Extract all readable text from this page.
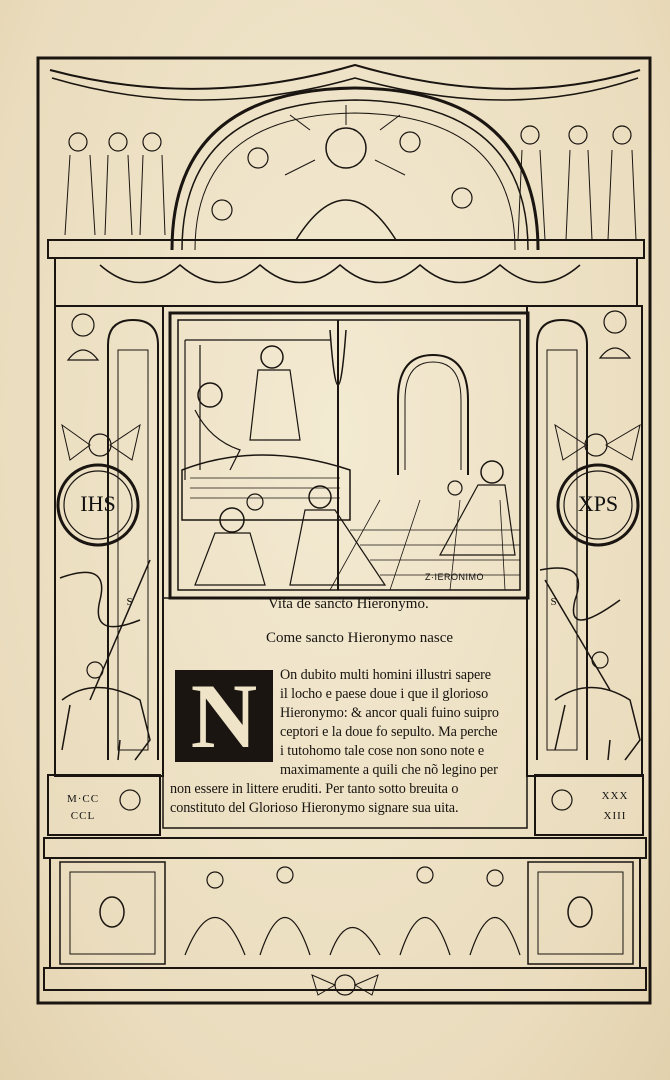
Z·IERONIMO
IHS	XPS
S	S
M·CC
CCL
XXX
XIII
Vita de sancto Hieronymo.
Come sancto Hieronymo nasce
N	On dubito multi homini illustri sapere
il locho e paese doue i que il glorioso
Hieronymo: & ancor quali fuino suipro
ceptori e la doue fo sepulto. Ma perche
i tutohomo tale cose non sono note e
maximamente a quili che nõ legino per
non essere in littere eruditi. Per tanto sotto breuita o
constituto del Glorioso Hieronymo signare sua uita.
